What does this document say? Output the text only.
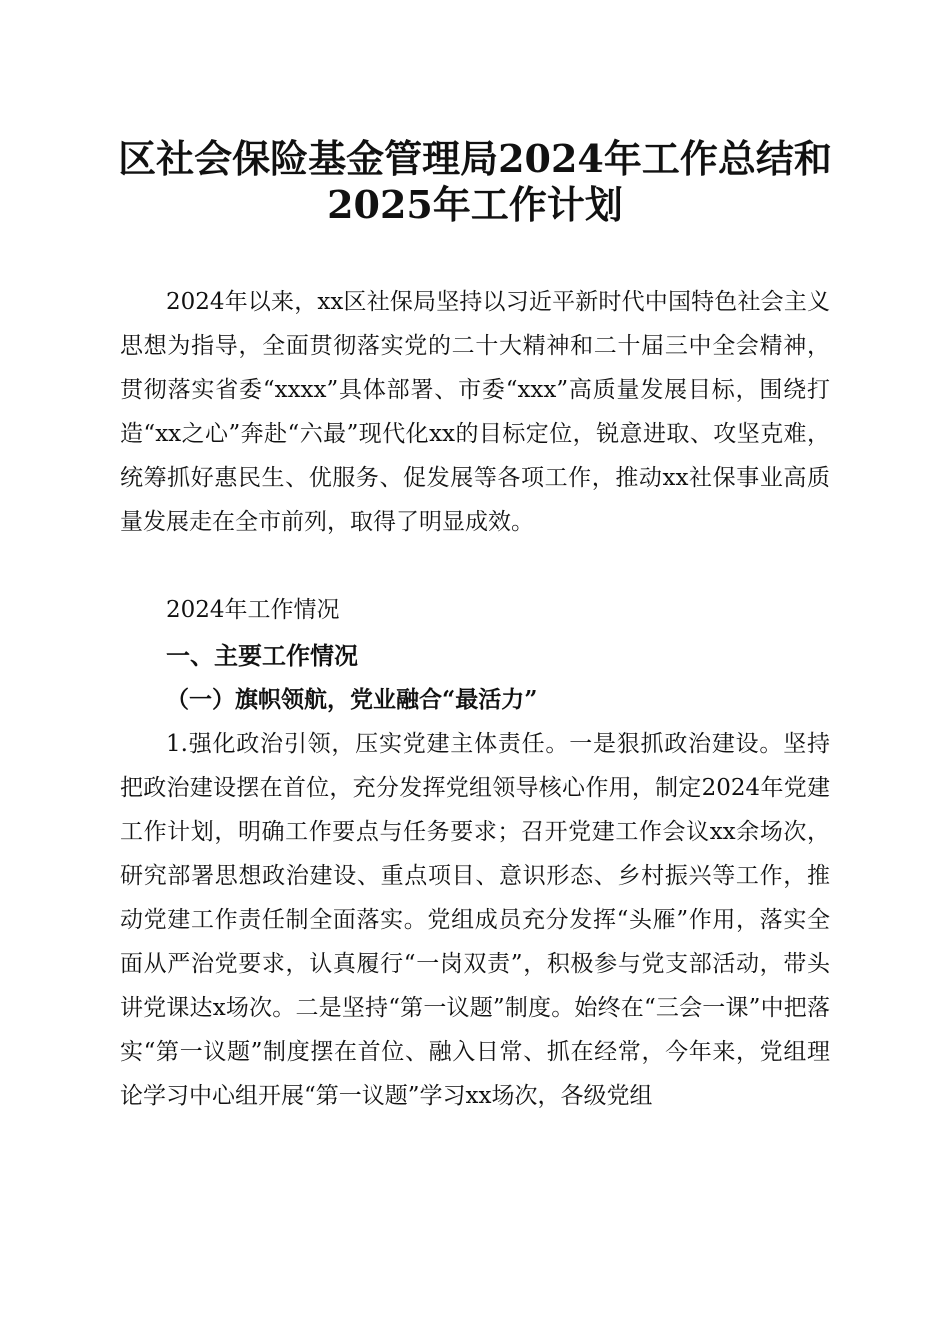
区社会保险基金管理局2024年工作总结和
2025年工作计划

2024年以来，xx区社保局坚持以习近平新时代中国特色社会主义思想为指导，全面贯彻落实党的二十大精神和二十届三中全会精神，贯彻落实省委“xxxx”具体部署、市委“xxx”高质量发展目标，围绕打造“xx之心”奔赴“六最”现代化xx的目标定位，锐意进取、攻坚克难，统筹抓好惠民生、优服务、促发展等各项工作，推动xx社保事业高质量发展走在全市前列，取得了明显成效。

2024年工作情况

一、主要工作情况
（一）旗帜领航，党业融合“最活力”

1.强化政治引领，压实党建主体责任。一是狠抓政治建设。坚持把政治建设摆在首位，充分发挥党组领导核心作用，制定2024年党建工作计划，明确工作要点与任务要求；召开党建工作会议xx余场次，研究部署思想政治建设、重点项目、意识形态、乡村振兴等工作，推动党建工作责任制全面落实。党组成员充分发挥“头雁”作用，落实全面从严治党要求，认真履行“一岗双责”，积极参与党支部活动，带头讲党课达x场次。二是坚持“第一议题”制度。始终在“三会一课”中把落实“第一议题”制度摆在首位、融入日常、抓在经常，今年来，党组理论学习中心组开展“第一议题”学习xx场次，各级党组
